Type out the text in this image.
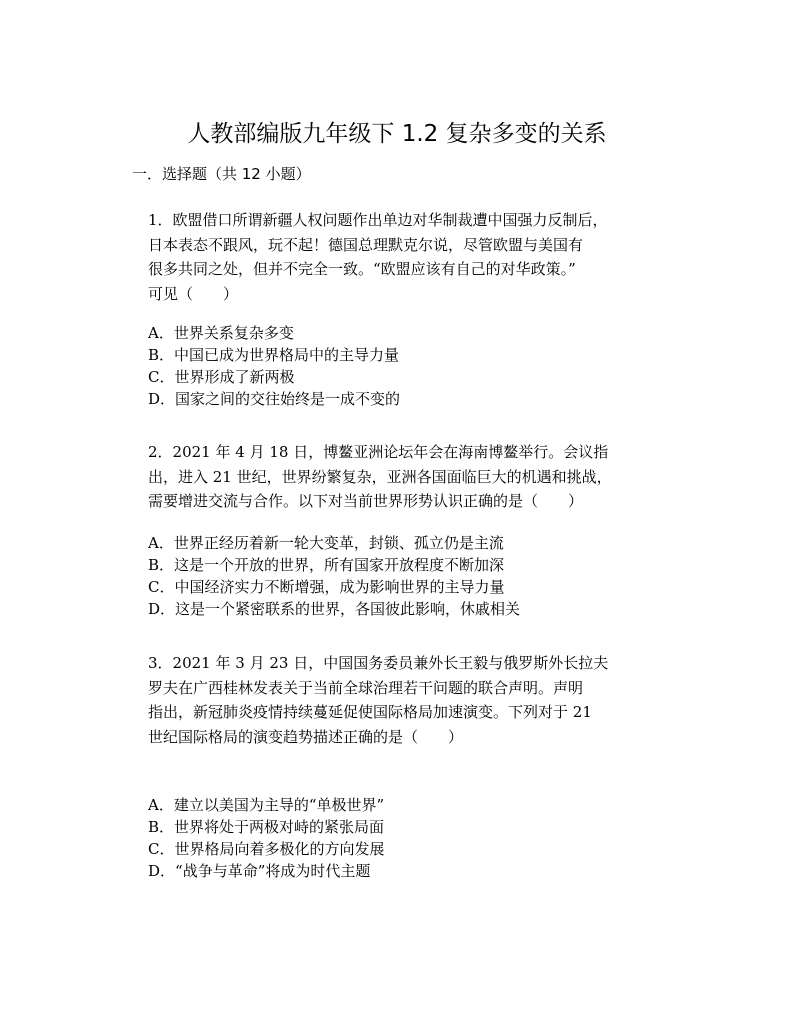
人教部编版九年级下 1.2 复杂多变的关系
一．选择题（共 12 小题）
1．欧盟借口所谓新疆人权问题作出单边对华制裁遭中国强力反制后，
日本表态不跟风，玩不起！德国总理默克尔说，尽管欧盟与美国有
很多共同之处，但并不完全一致。“欧盟应该有自己的对华政策。”
可见（　　）
A．世界关系复杂多变
B．中国已成为世界格局中的主导力量
C．世界形成了新两极
D．国家之间的交往始终是一成不变的
2．2021 年 4 月 18 日，博鳌亚洲论坛年会在海南博鳌举行。会议指
出，进入 21 世纪，世界纷繁复杂，亚洲各国面临巨大的机遇和挑战，
需要增进交流与合作。以下对当前世界形势认识正确的是（　　）
A．世界正经历着新一轮大变革，封锁、孤立仍是主流
B．这是一个开放的世界，所有国家开放程度不断加深
C．中国经济实力不断增强，成为影响世界的主导力量
D．这是一个紧密联系的世界，各国彼此影响，休戚相关
3．2021 年 3 月 23 日，中国国务委员兼外长王毅与俄罗斯外长拉夫
罗夫在广西桂林发表关于当前全球治理若干问题的联合声明。声明
指出，新冠肺炎疫情持续蔓延促使国际格局加速演变。下列对于 21
世纪国际格局的演变趋势描述正确的是（　　）
A．建立以美国为主导的“单极世界”
B．世界将处于两极对峙的紧张局面
C．世界格局向着多极化的方向发展
D．“战争与革命”将成为时代主题
